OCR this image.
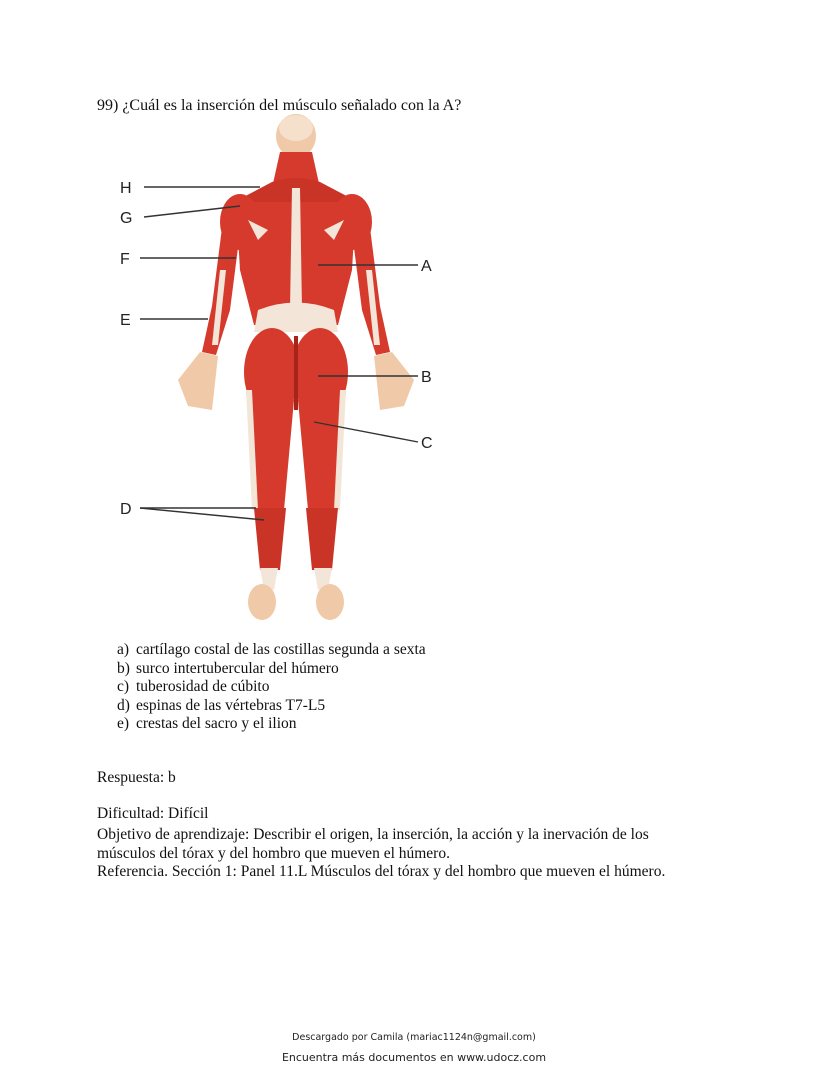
99) ¿Cuál es la inserción del músculo señalado con la A?
H
G
F
E
A
B
C
D
a) cartílago costal de las costillas segunda a sexta
b) surco intertubercular del húmero
c) tuberosidad de cúbito
d) espinas de las vértebras T7-L5
e) crestas del sacro y el ilion
Respuesta: b
Dificultad: Difícil

Objetivo de aprendizaje: Describir el origen, la inserción, la acción y la inervación de los músculos del tórax y del hombro que mueven el húmero.

Referencia. Sección 1: Panel 11.L Músculos del tórax y del hombro que mueven el húmero.

Descargado por Camila (mariac1124n@gmail.com)
Encuentra más documentos en www.udocz.com
